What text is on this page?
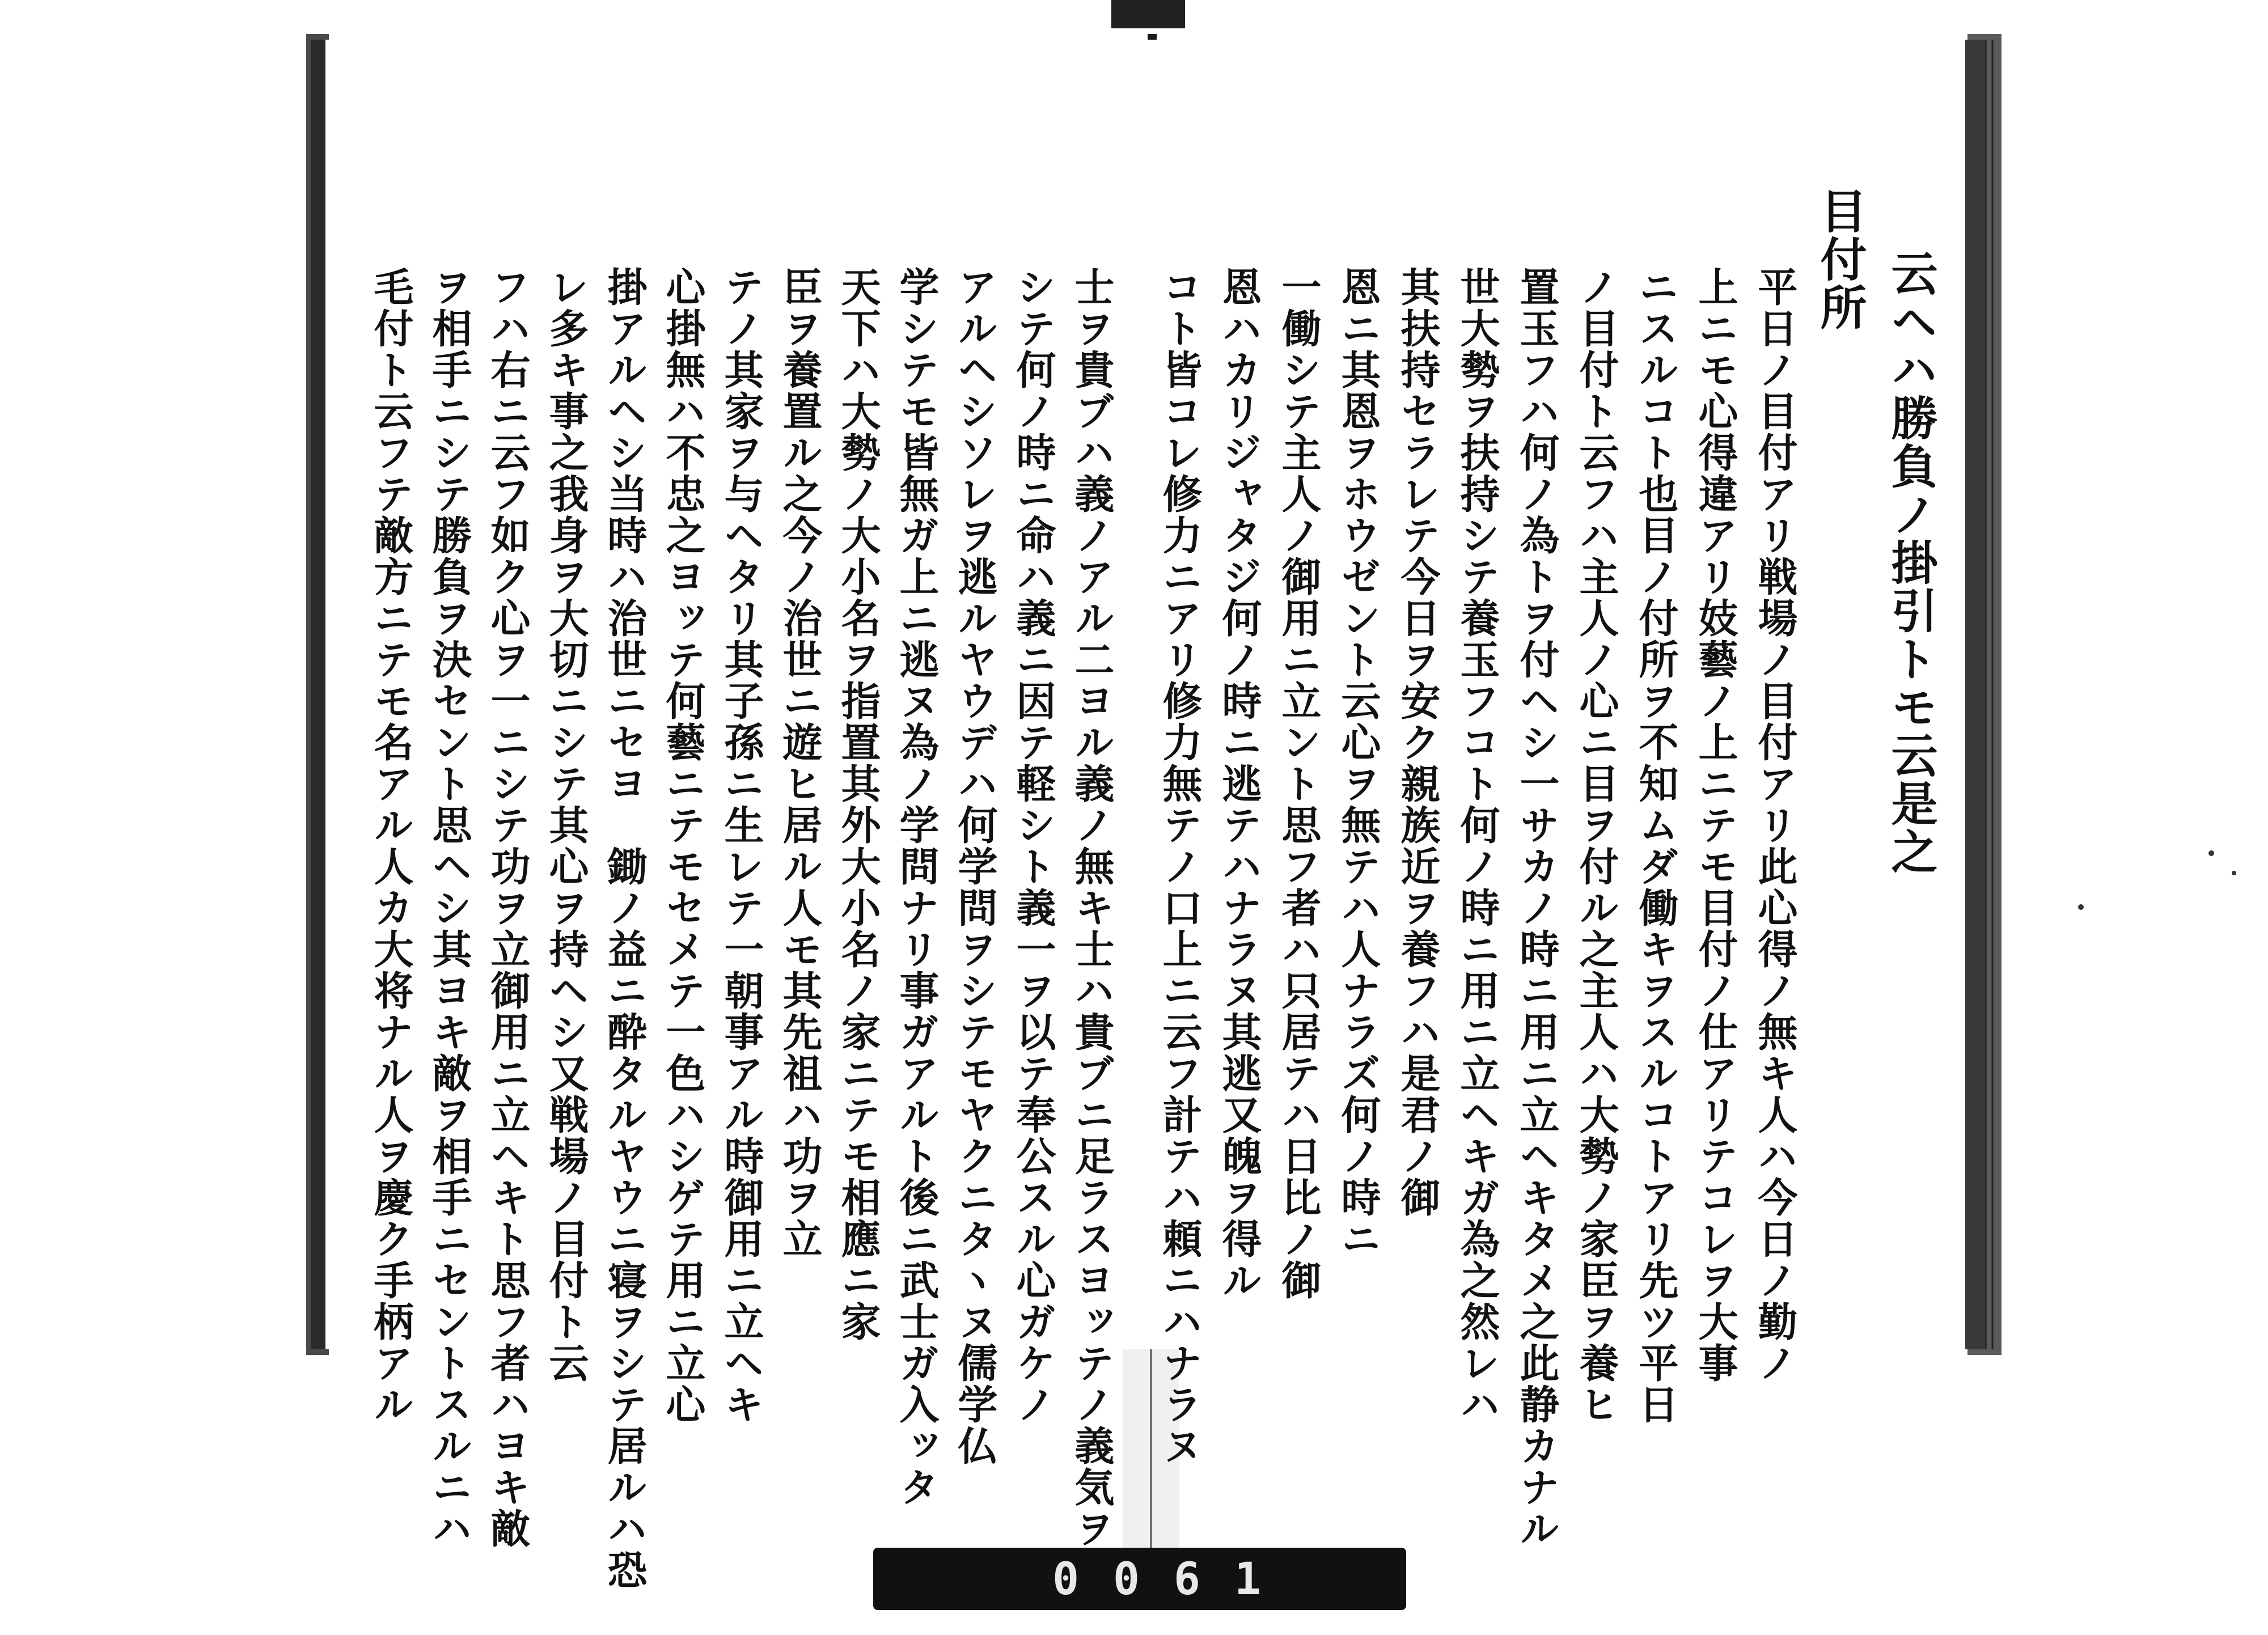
云ヘハ勝負ノ掛引トモ云是之
目付所
平日ノ目付アリ戦場ノ目付アリ此心得ノ無キ人ハ今日ノ勤ノ
上ニモ心得違アリ妓藝ノ上ニテモ目付ノ仕アリテコレヲ大事
ニスルコト也目ノ付所ヲ不知ムダ働キヲスルコトアリ先ツ平日
ノ目付ト云フハ主人ノ心ニ目ヲ付ル之主人ハ大勢ノ家臣ヲ養ヒ
置玉フハ何ノ為トヲ付ヘシ一サカノ時ニ用ニ立ヘキタメ之此静カナル
世大勢ヲ扶持シテ養玉フコト何ノ時ニ用ニ立ヘキガ為之然レハ
其扶持セラレテ今日ヲ安ク親族近ヲ養フハ是君ノ御
恩ニ其恩ヲホウゼント云心ヲ無テハ人ナラズ何ノ時ニ
一働シテ主人ノ御用ニ立ント思フ者ハ只居テハ日比ノ御
恩ハカリジャタジ何ノ時ニ逃テハナラヌ其逃又魄ヲ得ル
コト皆コレ修力ニアリ修力無テノ口上ニ云フ計テハ頼ニハナラヌ
士ヲ貴ブハ義ノアル二ヨル義ノ無キ士ハ貴ブニ足ラスヨッテノ義気ヲ励
シテ何ノ時ニ命ハ義ニ因テ軽シト義一ヲ以テ奉公スル心ガケノ
アルヘシソレヲ逃ルヤウデハ何学問ヲシテモヤクニタヽヌ儒学仏
学シテモ皆無ガ上ニ逃ヌ為ノ学問ナリ事ガアルト後ニ武士ガ入ッタ
天下ハ大勢ノ大小名ヲ指置其外大小名ノ家ニテモ相應ニ家
臣ヲ養置ル之今ノ治世ニ遊ヒ居ル人モ其先祖ハ功ヲ立
テノ其家ヲ与ヘタリ其子孫ニ生レテ一朝事アル時御用ニ立ヘキ
心掛無ハ不忠之ヨッテ何藝ニテモセメテ一色ハシゲテ用ニ立心
掛アルヘシ当時ハ治世ニセヨ　鋤ノ益ニ酔タルヤウニ寝ヲシテ居ルハ恐
レ多キ事之我身ヲ大切ニシテ其心ヲ持ヘシ又戦場ノ目付ト云
フハ右ニ云フ如ク心ヲ一ニシテ功ヲ立御用ニ立ヘキト思フ者ハヨキ敵
ヲ相手ニシテ勝負ヲ決セント思ヘシ其ヨキ敵ヲ相手ニセントスルニハ
毛付ト云フテ敵方ニテモ名アル人カ大将ナル人ヲ慶ク手柄アル
0061
